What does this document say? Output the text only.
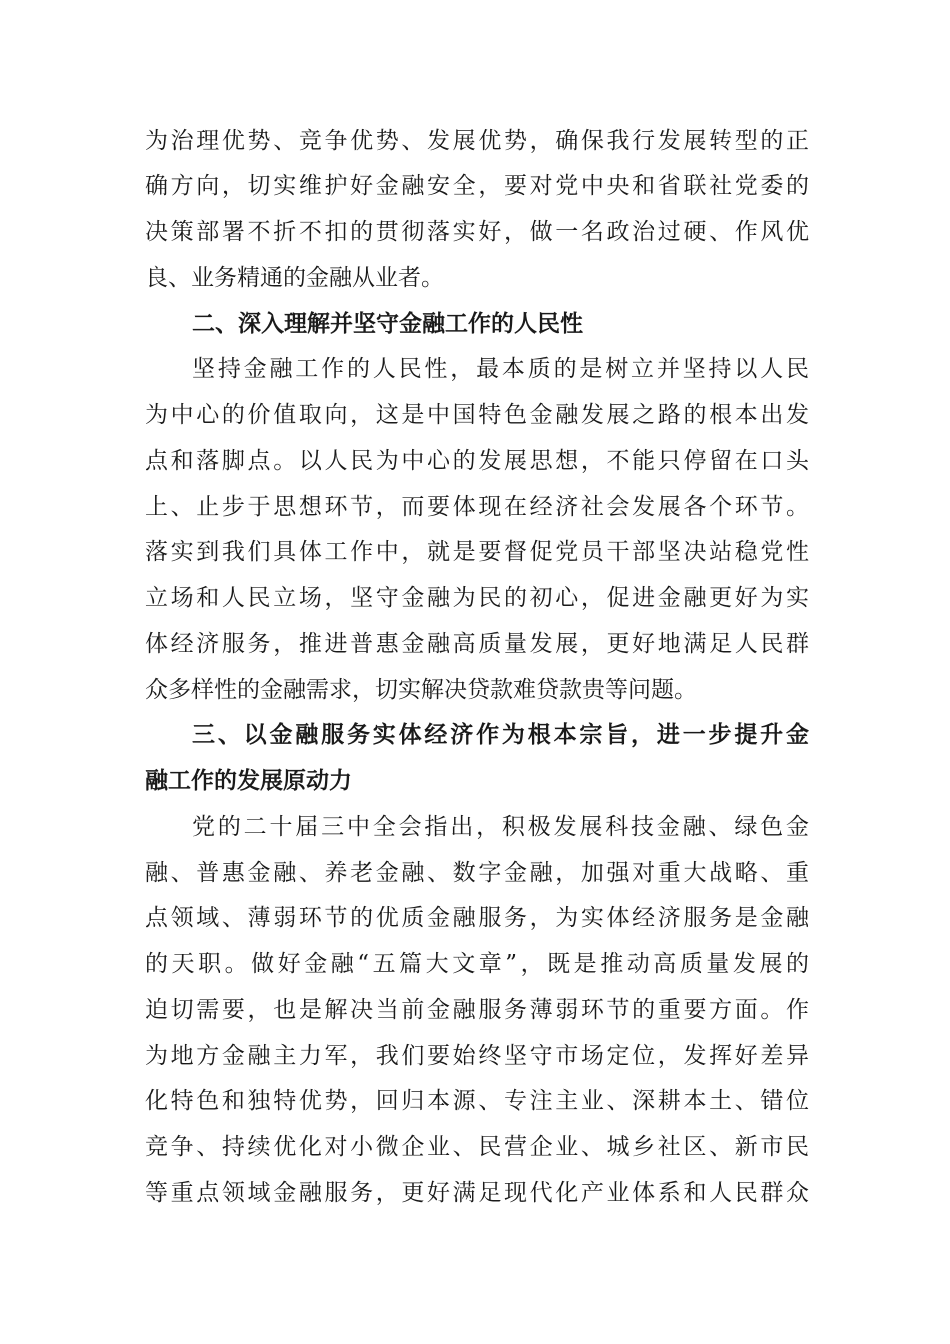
为治理优势、竞争优势、发展优势，确保我行发展转型的正
确方向，切实维护好金融安全，要对党中央和省联社党委的
决策部署不折不扣的贯彻落实好，做一名政治过硬、作风优
良、业务精通的金融从业者。
二、深入理解并坚守金融工作的人民性
坚持金融工作的人民性，最本质的是树立并坚持以人民
为中心的价值取向，这是中国特色金融发展之路的根本出发
点和落脚点。以人民为中心的发展思想，不能只停留在口头
上、止步于思想环节，而要体现在经济社会发展各个环节。
落实到我们具体工作中，就是要督促党员干部坚决站稳党性
立场和人民立场，坚守金融为民的初心，促进金融更好为实
体经济服务，推进普惠金融高质量发展，更好地满足人民群
众多样性的金融需求，切实解决贷款难贷款贵等问题。
三、以金融服务实体经济作为根本宗旨，进一步提升金
融工作的发展原动力
党的二十届三中全会指出，积极发展科技金融、绿色金
融、普惠金融、养老金融、数字金融，加强对重大战略、重
点领域、薄弱环节的优质金融服务，为实体经济服务是金融
的天职。做好金融“五篇大文章”，既是推动高质量发展的
迫切需要，也是解决当前金融服务薄弱环节的重要方面。作
为地方金融主力军，我们要始终坚守市场定位，发挥好差异
化特色和独特优势，回归本源、专注主业、深耕本土、错位
竞争、持续优化对小微企业、民营企业、城乡社区、新市民
等重点领域金融服务，更好满足现代化产业体系和人民群众
